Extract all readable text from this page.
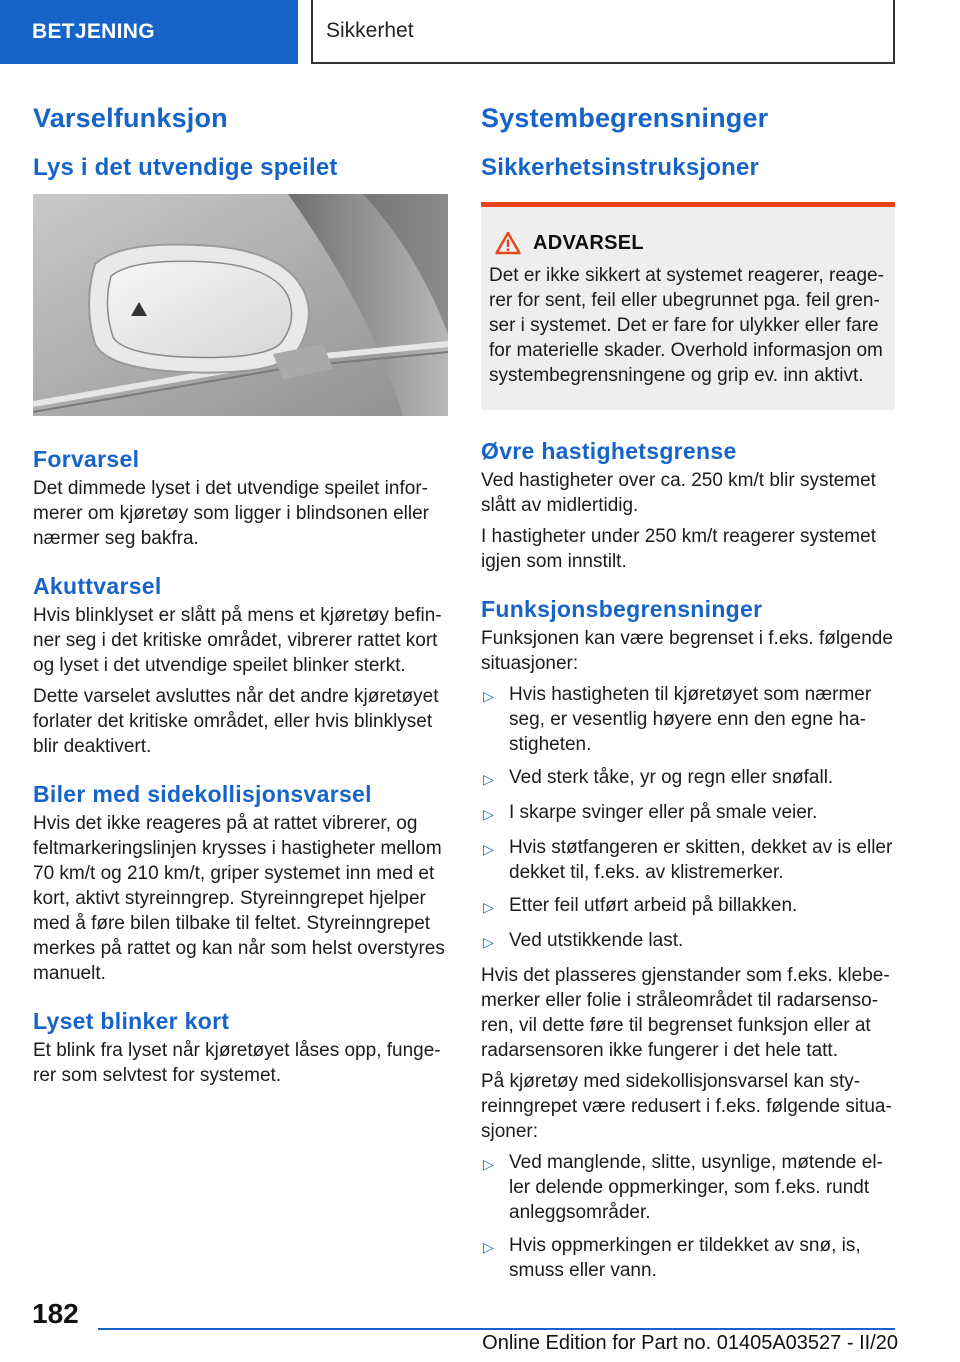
BETJENING	Sikkerhet
Varselfunksjon
Lys i det utvendige speilet
Forvarsel

Det dimmede lyset i det utvendige speilet infor-
merer om kjøretøy som ligger i blindsonen eller
nærmer seg bakfra.

Akuttvarsel

Hvis blinklyset er slått på mens et kjøretøy befin-
ner seg i det kritiske området, vibrerer rattet kort
og lyset i det utvendige speilet blinker sterkt.

Dette varselet avsluttes når det andre kjøretøyet
forlater det kritiske området, eller hvis blinklyset
blir deaktivert.

Biler med sidekollisjonsvarsel

Hvis det ikke reageres på at rattet vibrerer, og
feltmarkeringslinjen krysses i hastigheter mellom
70 km/t og 210 km/t, griper systemet inn med et
kort, aktivt styreinngrep. Styreinngrepet hjelper
med å føre bilen tilbake til feltet. Styreinngrepet
merkes på rattet og kan når som helst overstyres
manuelt.

Lyset blinker kort

Et blink fra lyset når kjøretøyet låses opp, funge-
rer som selvtest for systemet.

Systembegrensninger
Sikkerhetsinstruksjoner
ADVARSEL

Det er ikke sikkert at systemet reagerer, reage-
rer for sent, feil eller ubegrunnet pga. feil gren-
ser i systemet. Det er fare for ulykker eller fare
for materielle skader. Overhold informasjon om
systembegrensningene og grip ev. inn aktivt.

Øvre hastighetsgrense

Ved hastigheter over ca. 250 km/t blir systemet
slått av midlertidig.

I hastigheter under 250 km/t reagerer systemet
igjen som innstilt.

Funksjonsbegrensninger

Funksjonen kan være begrenset i f.eks. følgende
situasjoner:

▷ Hvis hastigheten til kjøretøyet som nærmer
seg, er vesentlig høyere enn den egne ha-
stigheten.
▷ Ved sterk tåke, yr og regn eller snøfall.
▷ I skarpe svinger eller på smale veier.
▷ Hvis støtfangeren er skitten, dekket av is eller
dekket til, f.eks. av klistremerker.
▷ Etter feil utført arbeid på billakken.
▷ Ved utstikkende last.

Hvis det plasseres gjenstander som f.eks. klebe-
merker eller folie i stråleområdet til radarsenso-
ren, vil dette føre til begrenset funksjon eller at
radarsensoren ikke fungerer i det hele tatt.

På kjøretøy med sidekollisjonsvarsel kan sty-
reinngrepet være redusert i f.eks. følgende situa-
sjoner:

▷ Ved manglende, slitte, usynlige, møtende el-
ler delende oppmerkinger, som f.eks. rundt
anleggsområder.
▷ Hvis oppmerkingen er tildekket av snø, is,
smuss eller vann.
182
Online Edition for Part no. 01405A03527 - II/20
